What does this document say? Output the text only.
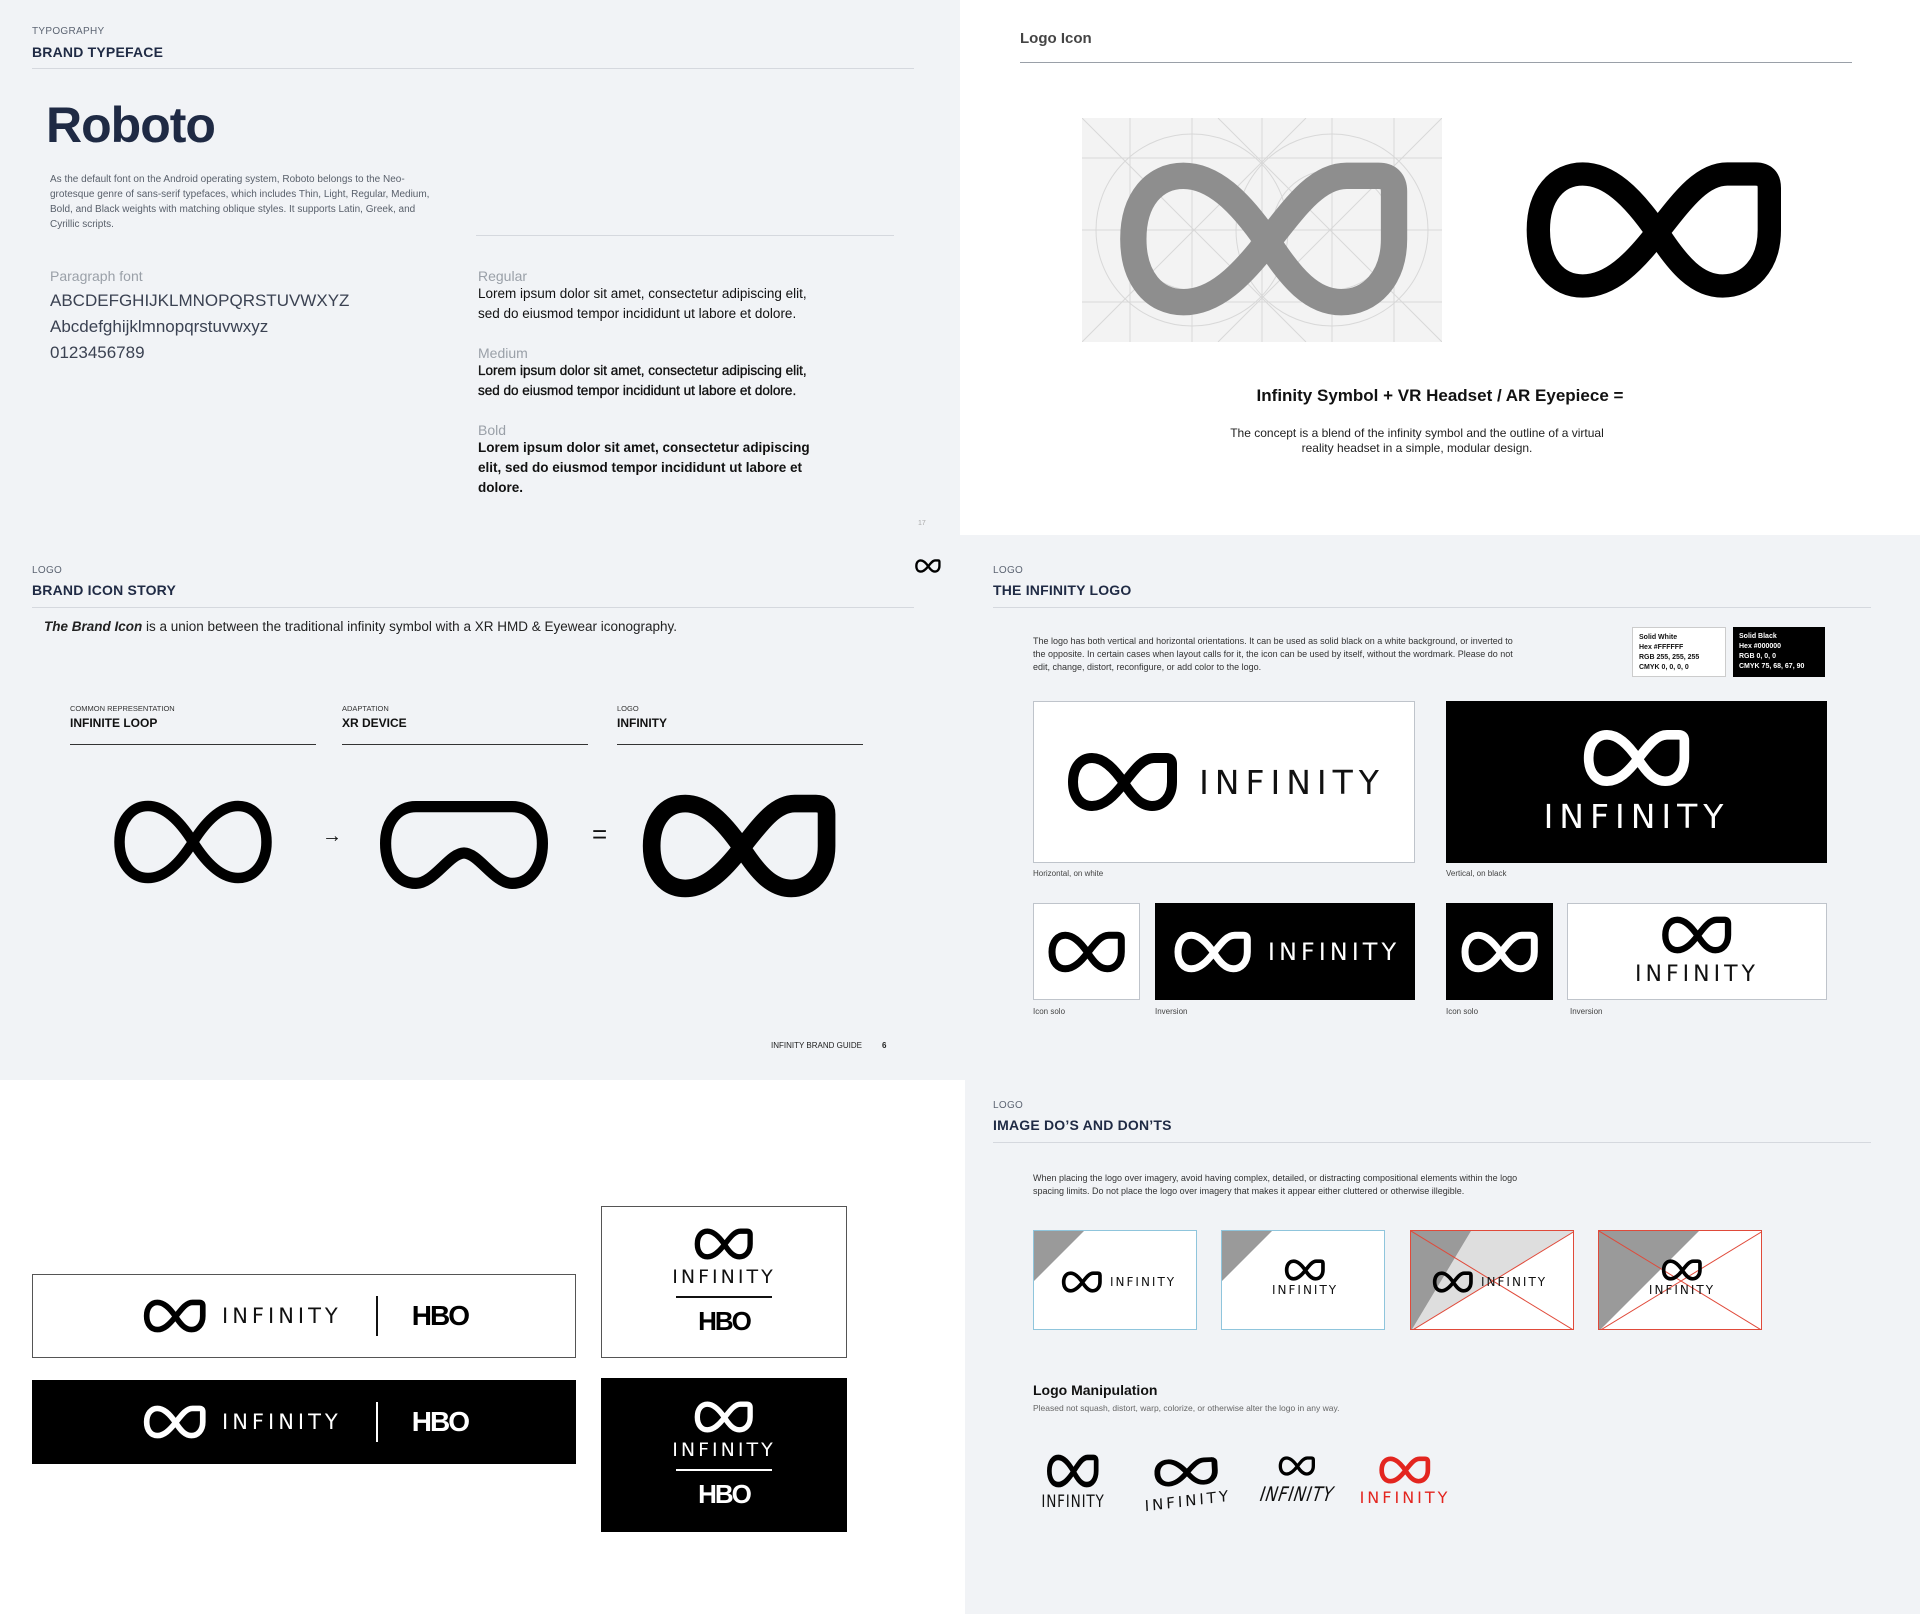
TYPOGRAPHY
BRAND TYPEFACE
Roboto
As the default font on the Android operating system, Roboto belongs to the Neo-grotesque genre of sans-serif typefaces, which includes Thin, Light, Regular, Medium, Bold, and Black weights with matching oblique styles. It supports Latin, Greek, and Cyrillic scripts.
Paragraph font
ABCDEFGHIJKLMNOPQRSTUVWXYZ
Abcdefghijklmnopqrstuvwxyz
0123456789
Regular
Lorem ipsum dolor sit amet, consectetur adipiscing elit, sed do eiusmod tempor incididunt ut labore et dolore.
Medium
Lorem ipsum dolor sit amet, consectetur adipiscing elit, sed do eiusmod tempor incididunt ut labore et dolore.
Bold
Lorem ipsum dolor sit amet, consectetur adipiscing elit, sed do eiusmod tempor incididunt ut labore et dolore.
17
Logo Icon
Infinity Symbol + VR Headset / AR Eyepiece =
The concept is a blend of the infinity symbol and the outline of a virtual reality headset in a simple, modular design.
LOGO
BRAND ICON STORY
The Brand Icon is a union between the traditional infinity symbol with a XR HMD & Eyewear iconography.
COMMON REPRESENTATION
INFINITE LOOP
ADAPTATION
XR DEVICE
LOGO
INFINITY
→	=
INFINITY BRAND GUIDE	6
LOGO
THE INFINITY LOGO
The logo has both vertical and horizontal orientations. It can be used as solid black on a white background, or inverted to the opposite. In certain cases when layout calls for it, the icon can be used by itself, without the wordmark. Please do not edit, change, distort, reconfigure, or add color to the logo.
Solid White
Hex #FFFFFF
RGB 255, 255, 255
CMYK 0, 0, 0, 0
Solid Black
Hex #000000
RGB 0, 0, 0
CMYK 75, 68, 67, 90
INFINITY
Horizontal, on white
INFINITY
Vertical, on black
Icon solo
INFINITY
Inversion	Icon solo
INFINITY
Inversion
INFINITY	HBO
INFINITY	HBO
INFINITY
HBO
INFINITY
HBO
LOGO
IMAGE DO’S AND DON’TS
When placing the logo over imagery, avoid having complex, detailed, or distracting compositional elements within the logo spacing limits. Do not place the logo over imagery that makes it appear either cluttered or otherwise illegible.
INFINITY
INFINITY
INFINITY
INFINITY
Logo Manipulation
Pleased not squash, distort, warp, colorize, or otherwise alter the logo in any way.
INFINITY	INFINITY	INFINITY INFINITY
